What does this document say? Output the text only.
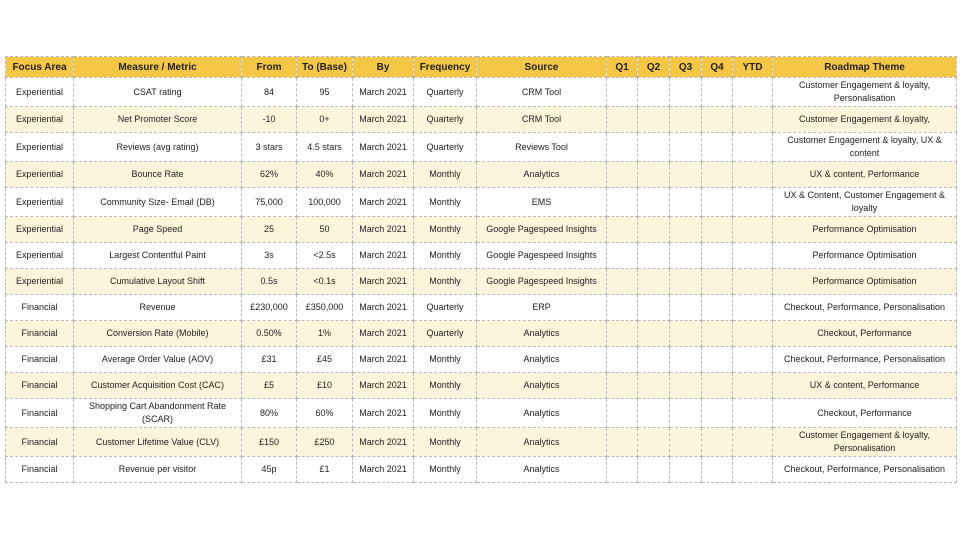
Focus Area	Measure / Metric	From	To (Base)	By	Frequency	Source	Q1	Q2	Q3	Q4	YTD	Roadmap Theme
Experiential	CSAT rating	84	95	March 2021	Quarterly	CRM Tool						Customer Engagement & loyalty, Personalisation
Experiential	Net Promoter Score	-10	0+	March 2021	Quarterly	CRM Tool						Customer Engagement & loyalty,
Experiential	Reviews (avg rating)	3 stars	4.5 stars	March 2021	Quarterly	Reviews Tool						Customer Engagement & loyalty, UX & content
Experiential	Bounce Rate	62%	40%	March 2021	Monthly	Analytics						UX & content, Performance
Experiential	Community Size- Email (DB)	75,000	100,000	March 2021	Monthly	EMS						UX & Content, Customer Engagement & loyalty
Experiential	Page Speed	25	50	March 2021	Monthly	Google Pagespeed Insights						Performance Optimisation
Experiential	Largest Contentful Paint	3s	<2.5s	March 2021	Monthly	Google Pagespeed Insights						Performance Optimisation
Experiential	Cumulative Layout Shift	0.5s	<0.1s	March 2021	Monthly	Google Pagespeed Insights						Performance Optimisation
Financial	Revenue	£230,000	£350,000	March 2021	Quarterly	ERP						Checkout, Performance, Personalisation
Financial	Conversion Rate (Mobile)	0.50%	1%	March 2021	Quarterly	Analytics						Checkout, Performance
Financial	Average Order Value (AOV)	£31	£45	March 2021	Monthly	Analytics						Checkout, Performance, Personalisation
Financial	Customer Acquisition Cost (CAC)	£5	£10	March 2021	Monthly	Analytics						UX & content, Performance
Financial	Shopping Cart Abandonment Rate (SCAR)	80%	60%	March 2021	Monthly	Analytics						Checkout, Performance
Financial	Customer Lifetime Value (CLV)	£150	£250	March 2021	Monthly	Analytics						Customer Engagement & loyalty, Personalisation
Financial	Revenue per visitor	45p	£1	March 2021	Monthly	Analytics						Checkout, Performance, Personalisation
